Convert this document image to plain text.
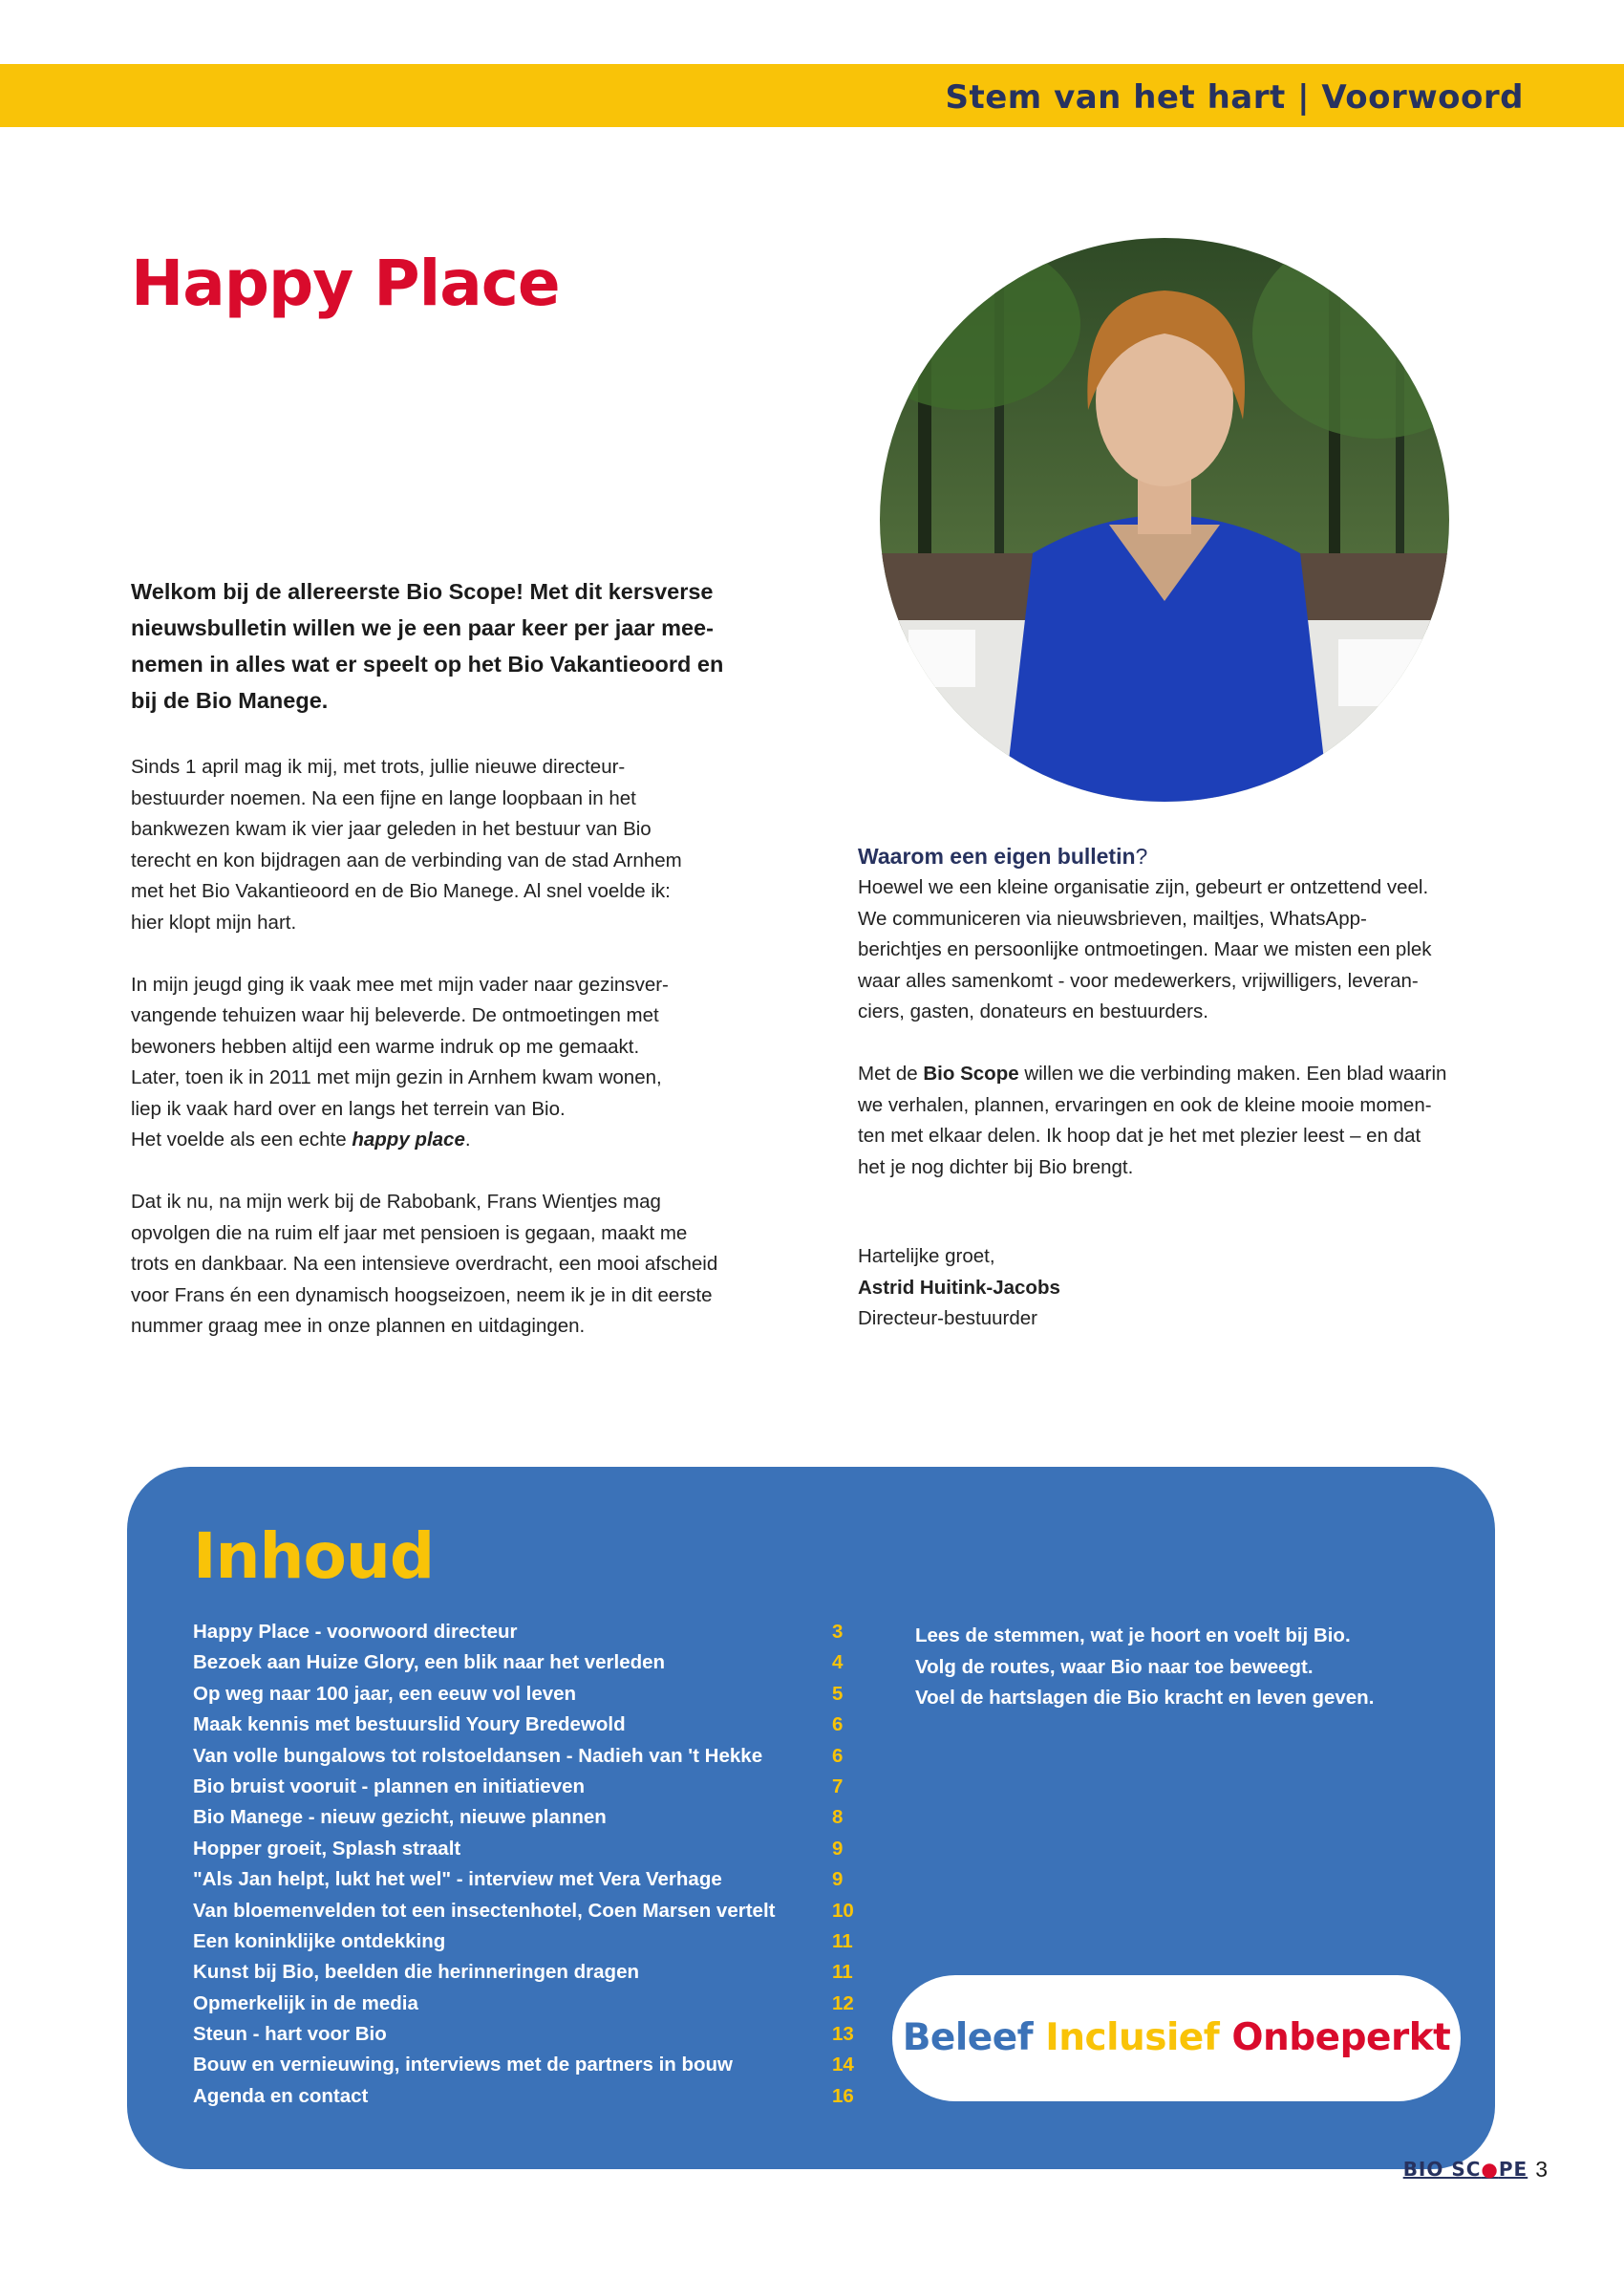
Stem van het hart | Voorwoord
Happy Place

Welkom bij de allereerste Bio Scope! Met dit kersverse

nieuwsbulletin willen we je een paar keer per jaar mee-

nemen in alles wat er speelt op het Bio Vakantieoord en

bij de Bio Manege.

Sinds 1 april mag ik mij, met trots, jullie nieuwe directeur-
bestuurder noemen. Na een fijne en lange loopbaan in het
bankwezen kwam ik vier jaar geleden in het bestuur van Bio
terecht en kon bijdragen aan de verbinding van de stad Arnhem
met het Bio Vakantieoord en de Bio Manege. Al snel voelde ik:
hier klopt mijn hart.

In mijn jeugd ging ik vaak mee met mijn vader naar gezinsver-
vangende tehuizen waar hij beleverde. De ontmoetingen met
bewoners hebben altijd een warme indruk op me gemaakt.
Later, toen ik in 2011 met mijn gezin in Arnhem kwam wonen,
liep ik vaak hard over en langs het terrein van Bio.
Het voelde als een echte happy place.

Dat ik nu, na mijn werk bij de Rabobank, Frans Wientjes mag
opvolgen die na ruim elf jaar met pensioen is gegaan, maakt me
trots en dankbaar. Na een intensieve overdracht, een mooi afscheid
voor Frans én een dynamisch hoogseizoen, neem ik je in dit eerste
nummer graag mee in onze plannen en uitdagingen.

Waarom een eigen bulletin?

Hoewel we een kleine organisatie zijn, gebeurt er ontzettend veel.
We communiceren via nieuwsbrieven, mailtjes, WhatsApp-
berichtjes en persoonlijke ontmoetingen. Maar we misten een plek
waar alles samenkomt - voor medewerkers, vrijwilligers, leveran-
ciers, gasten, donateurs en bestuurders.

Met de Bio Scope willen we die verbinding maken. Een blad waarin
we verhalen, plannen, ervaringen en ook de kleine mooie momen-
ten met elkaar delen. Ik hoop dat je het met plezier leest – en dat
het je nog dichter bij Bio brengt.

Hartelijke groet,
Astrid Huitink-Jacobs
Directeur-bestuurder
Inhoud
Happy Place - voorwoord directeur	3
Bezoek aan Huize Glory, een blik naar het verleden	4
Op weg naar 100 jaar, een eeuw vol leven	5
Maak kennis met bestuurslid Youry Bredewold	6
Van volle bungalows tot rolstoeldansen - Nadieh van 't Hekke	6
Bio bruist vooruit - plannen en initiatieven	7
Bio Manege - nieuw gezicht, nieuwe plannen	8
Hopper groeit, Splash straalt	9
"Als Jan helpt, lukt het wel" - interview met Vera Verhage	9
Van bloemenvelden tot een insectenhotel, Coen Marsen vertelt	10
Een koninklijke ontdekking	11
Kunst bij Bio, beelden die herinneringen dragen	11
Opmerkelijk in de media	12
Steun - hart voor Bio	13
Bouw en vernieuwing, interviews met de partners in bouw	14
Agenda en contact	16
Lees de stemmen, wat je hoort en voelt bij Bio.
Volg de routes, waar Bio naar toe beweegt.
Voel de hartslagen die Bio kracht en leven geven.
Beleef Inclusief Onbeperkt
BIO SC●PE 3
